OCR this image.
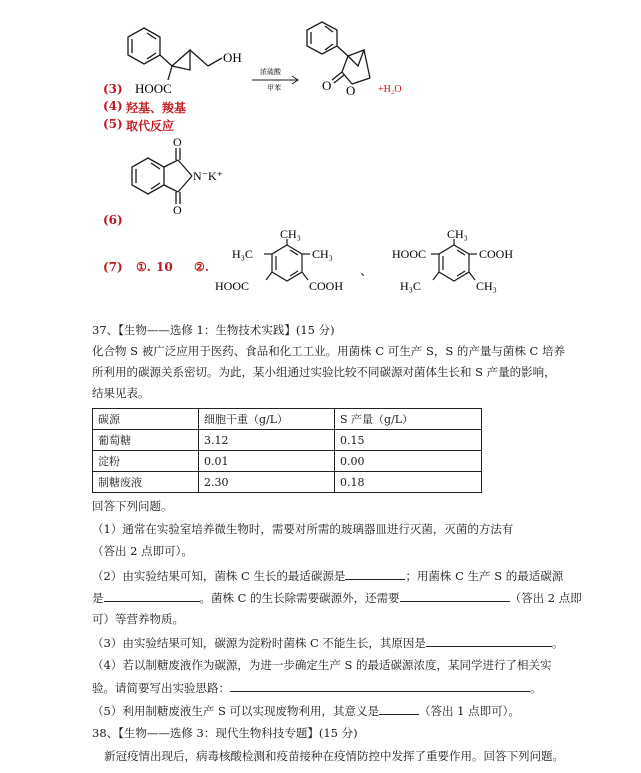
OH
HOOC
浓硫酸
甲苯	O O +H₂O
(3)
(4) 羟基、羧基
(5) 取代反应
O
O
N⁻K⁺
(6)
(7) ①. 10 ②.
CH₃
H₃C	CH₃
HOOC	COOH
、
CH₃
HOOC	COOH
H₃C	CH₃
37、【生物——选修 1：生物技术实践】(15 分)
化合物 S 被广泛应用于医药、食品和化工工业。用菌株 C 可生产 S，S 的产量与菌株 C 培养
所利用的碳源关系密切。为此，某小组通过实验比较不同碳源对菌体生长和 S 产量的影响，
结果见表。
碳源	细胞干重（g/L）	S 产量（g/L）
葡萄糖	3.12	0.15
淀粉	0.01	0.00
制糖废液	2.30	0.18
回答下列问题。
（1）通常在实验室培养微生物时，需要对所需的玻璃器皿进行灭菌，灭菌的方法有
（答出 2 点即可）。
（2）由实验结果可知，菌株 C 生长的最适碳源是	；用菌株 C 生产 S 的最适碳源
是	。菌株 C 的生长除需要碳源外，还需要	（答出 2 点即
可）等营养物质。
（3）由实验结果可知，碳源为淀粉时菌株 C 不能生长，其原因是	。
（4）若以制糖废液作为碳源，为进一步确定生产 S 的最适碳源浓度，某同学进行了相关实
验。请简要写出实验思路：	。
（5）利用制糖废液生产 S 可以实现废物利用，其意义是	（答出 1 点即可）。
38、【生物——选修 3：现代生物科技专题】(15 分)
新冠疫情出现后，病毒核酸检测和疫苗接种在疫情防控中发挥了重要作用。回答下列问题。
